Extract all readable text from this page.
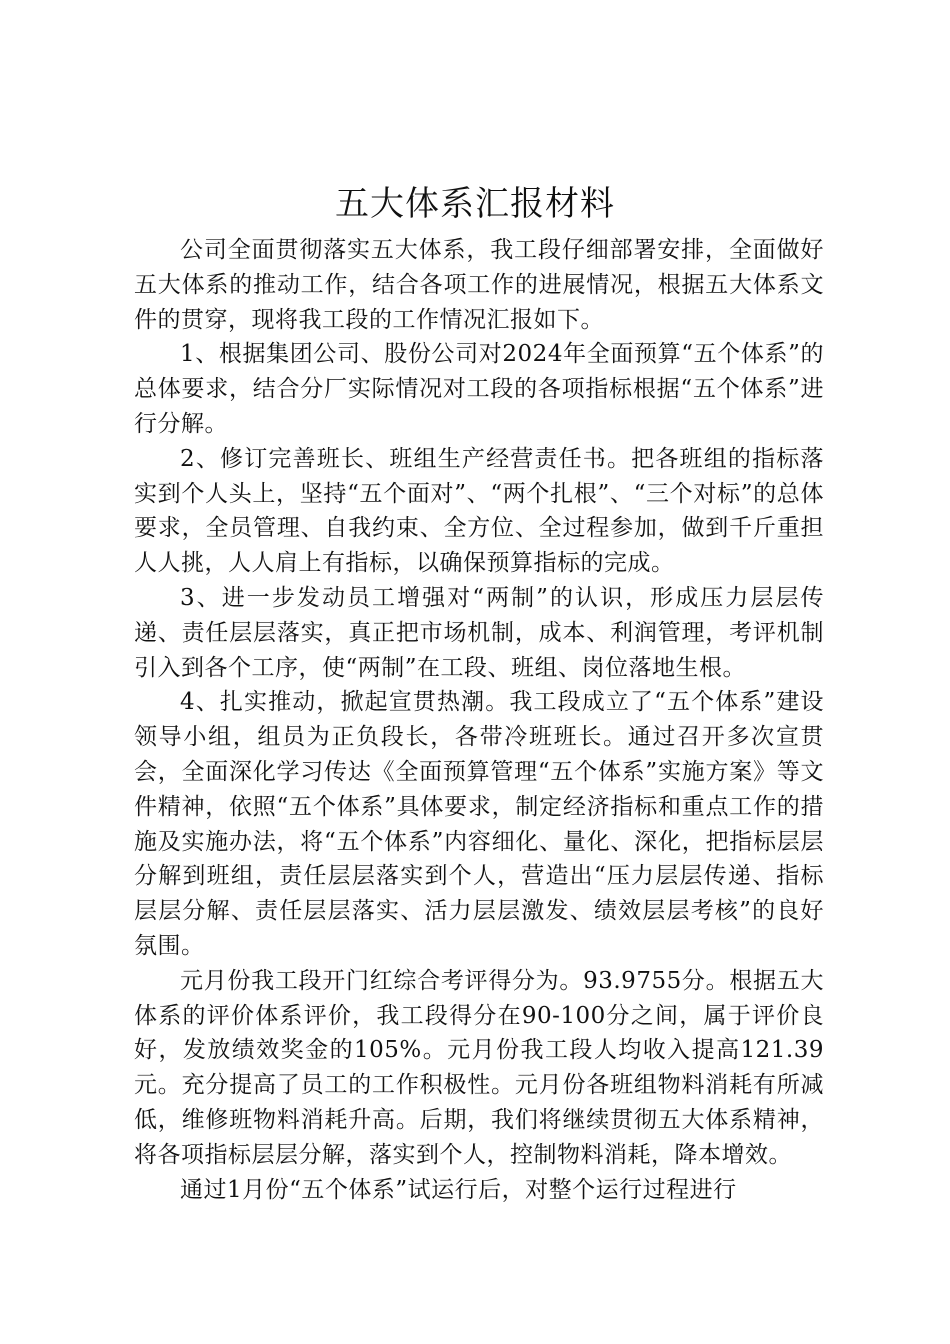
五大体系汇报材料

公司全面贯彻落实五大体系，我工段仔细部署安排，全面做好五大体系的推动工作，结合各项工作的进展情况，根据五大体系文件的贯穿，现将我工段的工作情况汇报如下。

1、根据集团公司、股份公司对2024年全面预算“五个体系”的总体要求，结合分厂实际情况对工段的各项指标根据“五个体系”进行分解。

2、修订完善班长、班组生产经营责任书。把各班组的指标落实到个人头上，坚持“五个面对”、“两个扎根”、“三个对标”的总体要求，全员管理、自我约束、全方位、全过程参加，做到千斤重担人人挑，人人肩上有指标，以确保预算指标的完成。

3、进一步发动员工增强对“两制”的认识，形成压力层层传递、责任层层落实，真正把市场机制，成本、利润管理，考评机制引入到各个工序，使“两制”在工段、班组、岗位落地生根。

4、扎实推动，掀起宣贯热潮。我工段成立了“五个体系”建设领导小组，组员为正负段长，各带冷班班长。通过召开多次宣贯会，全面深化学习传达《全面预算管理“五个体系”实施方案》等文件精神，依照“五个体系”具体要求，制定经济指标和重点工作的措施及实施办法，将“五个体系”内容细化、量化、深化，把指标层层分解到班组，责任层层落实到个人，营造出“压力层层传递、指标层层分解、责任层层落实、活力层层激发、绩效层层考核”的良好氛围。

元月份我工段开门红综合考评得分为。93.9755分。根据五大体系的评价体系评价，我工段得分在90-100分之间，属于评价良好，发放绩效奖金的105%。元月份我工段人均收入提高121.39元。充分提高了员工的工作积极性。元月份各班组物料消耗有所减低，维修班物料消耗升高。后期，我们将继续贯彻五大体系精神，将各项指标层层分解，落实到个人，控制物料消耗，降本增效。

通过1月份“五个体系”试运行后，对整个运行过程进行
